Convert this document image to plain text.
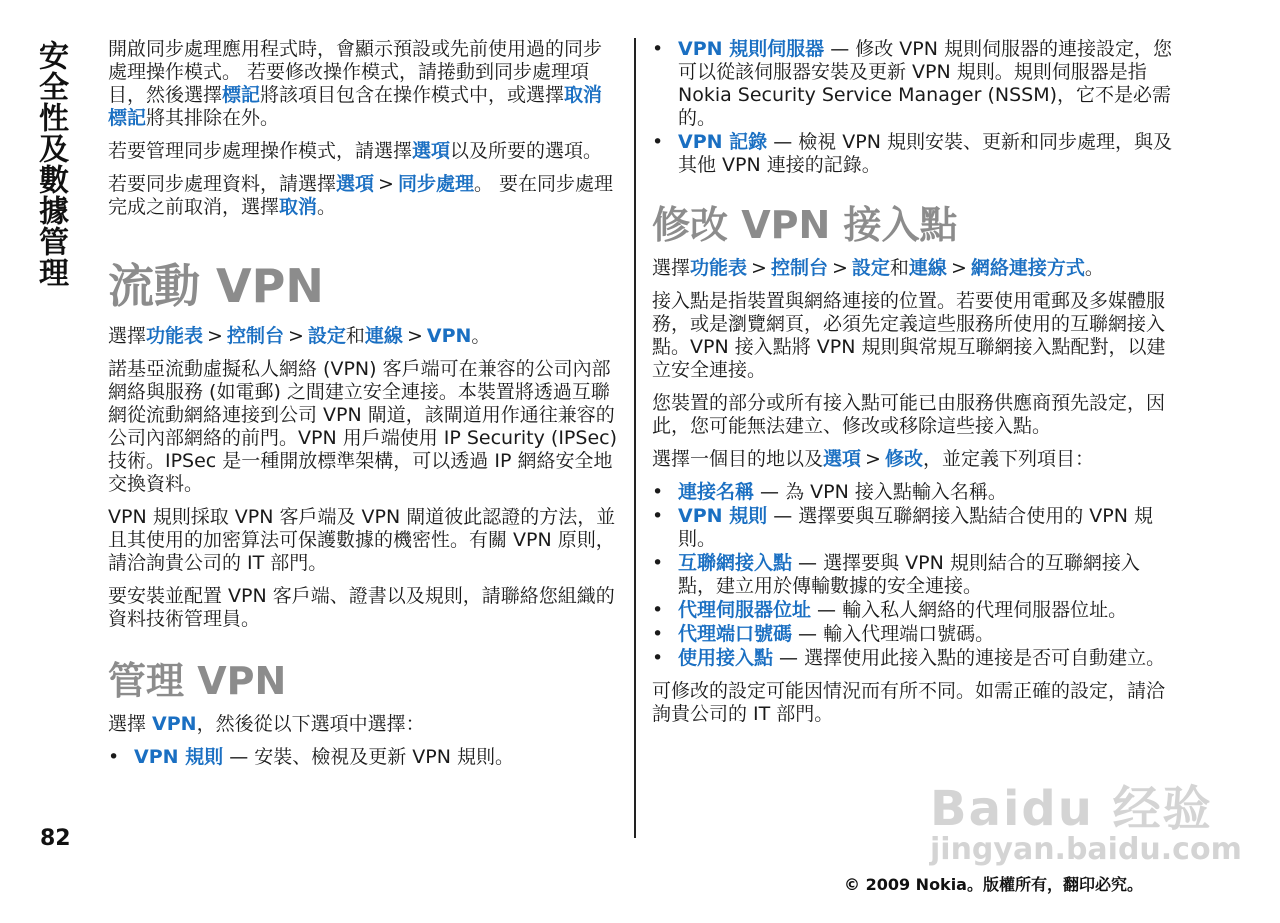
安全性及數據管理
82

開啟同步處理應用程式時，會顯示預設或先前使用過的同步處理操作模式。 若要修改操作模式，請捲動到同步處理項目，然後選擇標記將該項目包含在操作模式中，或選擇取消標記將其排除在外。

若要管理同步處理操作模式，請選擇選項以及所要的選項。

若要同步處理資料，請選擇選項 > 同步處理。 要在同步處理完成之前取消，選擇取消。

流動 VPN

選擇功能表 > 控制台 > 設定和連線 > VPN。

諾基亞流動虛擬私人網絡 (VPN) 客戶端可在兼容的公司內部網絡與服務 (如電郵) 之間建立安全連接。本裝置將透過互聯網從流動網絡連接到公司 VPN 閘道，該閘道用作通往兼容的公司內部網絡的前門。VPN 用戶端使用 IP Security (IPSec) 技術。IPSec 是一種開放標準架構，可以透過 IP 網絡安全地交換資料。

VPN 規則採取 VPN 客戶端及 VPN 閘道彼此認證的方法，並且其使用的加密算法可保護數據的機密性。有關 VPN 原則，請洽詢貴公司的 IT 部門。

要安裝並配置 VPN 客戶端、證書以及規則，請聯絡您組織的資料技術管理員。

管理 VPN

選擇 VPN，然後從以下選項中選擇：

• VPN 規則 — 安裝、檢視及更新 VPN 規則。
• VPN 規則伺服器 — 修改 VPN 規則伺服器的連接設定，您可以從該伺服器安裝及更新 VPN 規則。規則伺服器是指 Nokia Security Service Manager (NSSM)，它不是必需的。
• VPN 記錄 — 檢視 VPN 規則安裝、更新和同步處理，與及其他 VPN 連接的記錄。
修改 VPN 接入點

選擇功能表 > 控制台 > 設定和連線 > 網絡連接方式。

接入點是指裝置與網絡連接的位置。若要使用電郵及多媒體服務，或是瀏覽網頁，必須先定義這些服務所使用的互聯網接入點。VPN 接入點將 VPN 規則與常規互聯網接入點配對，以建立安全連接。

您裝置的部分或所有接入點可能已由服務供應商預先設定，因此，您可能無法建立、修改或移除這些接入點。

選擇一個目的地以及選項 > 修改，並定義下列項目：

• 連接名稱 — 為 VPN 接入點輸入名稱。
• VPN 規則 — 選擇要與互聯網接入點結合使用的 VPN 規則。
• 互聯網接入點 — 選擇要與 VPN 規則結合的互聯網接入點，建立用於傳輸數據的安全連接。
• 代理伺服器位址 — 輸入私人網絡的代理伺服器位址。
• 代理端口號碼 — 輸入代理端口號碼。
• 使用接入點 — 選擇使用此接入點的連接是否可自動建立。

可修改的設定可能因情況而有所不同。如需正確的設定，請洽詢貴公司的 IT 部門。

Baidu 经验
jingyan.baidu.com
© 2009 Nokia。版權所有，翻印必究。
